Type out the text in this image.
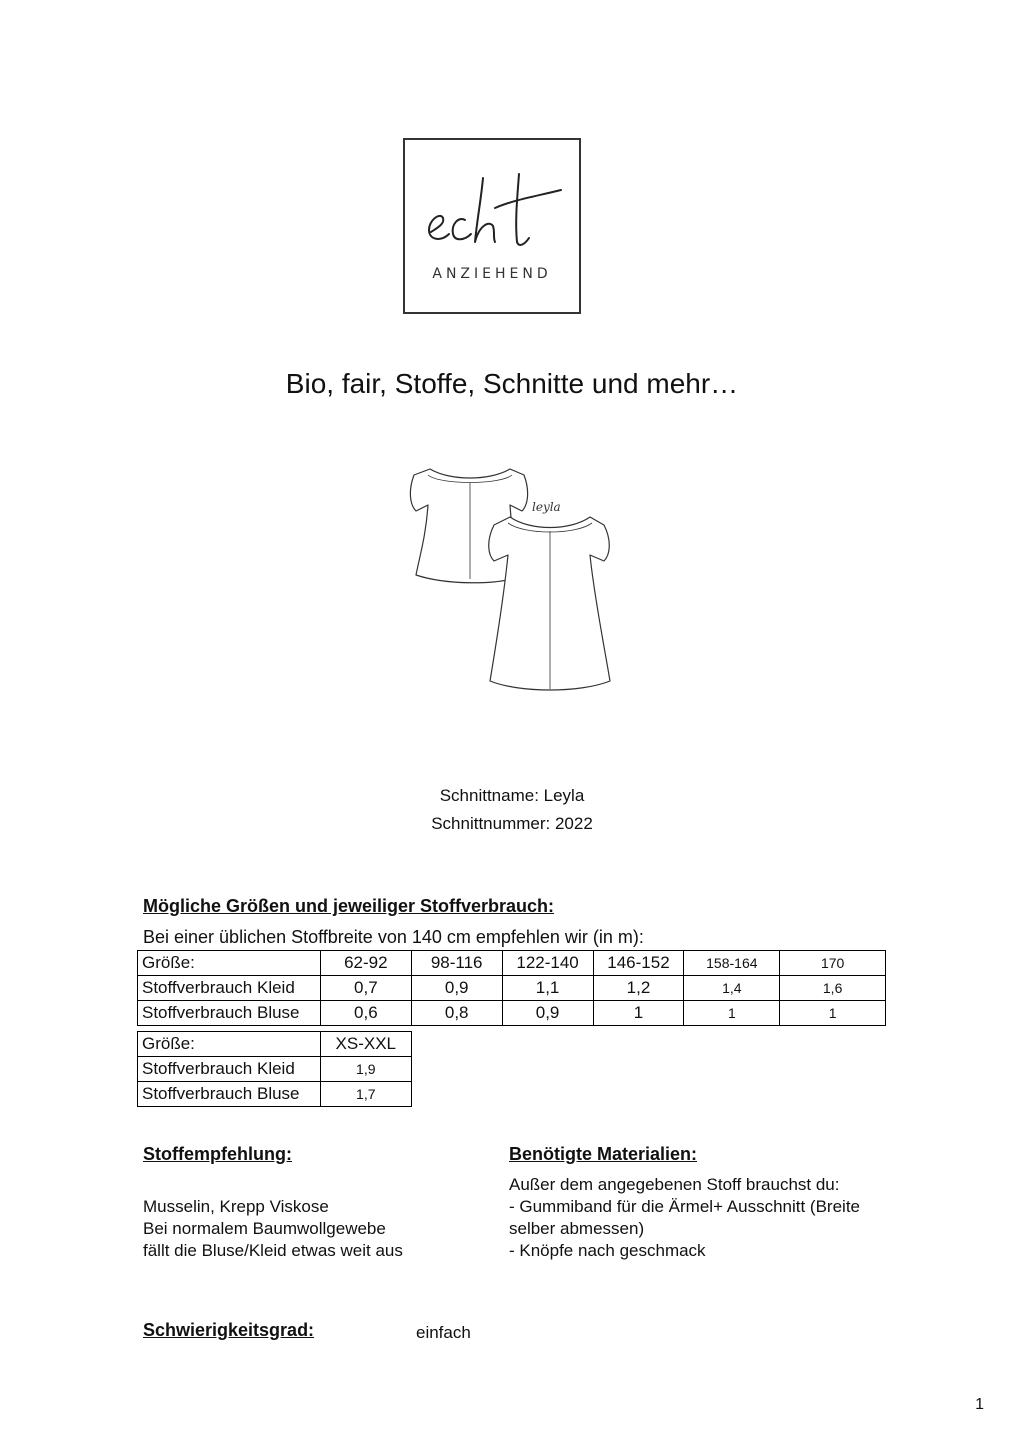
ANZIEHEND
Bio, fair, Stoffe, Schnitte und mehr…
leyla
Schnittname: Leyla
Schnittnummer: 2022
Mögliche Größen und jeweiliger Stoffverbrauch:
Bei einer üblichen Stoffbreite von 140 cm empfehlen wir (in m):
Größe:	62-92	98-116	122-140	146-152	158-164	170
Stoffverbrauch Kleid	0,7	0,9	1,1	1,2	1,4	1,6
Stoffverbrauch Bluse	0,6	0,8	0,9	1	1	1
Größe:	XS-XXL
Stoffverbrauch Kleid	1,9
Stoffverbrauch Bluse	1,7
Stoffempfehlung:
Musselin, Krepp Viskose
Bei normalem Baumwollgewebe
fällt die Bluse/Kleid etwas weit aus
Benötigte Materialien:
Außer dem angegebenen Stoff brauchst du:
- Gummiband für die Ärmel+ Ausschnitt (Breite
selber abmessen)
- Knöpfe nach geschmack
Schwierigkeitsgrad:	einfach
1
